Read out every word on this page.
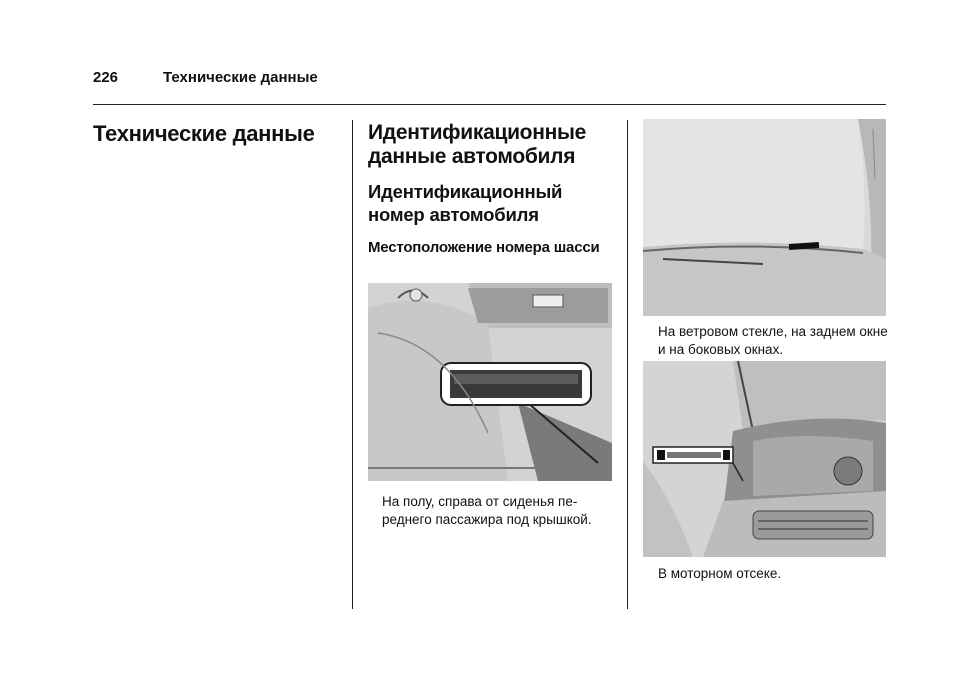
226	Технические данные
Технические данные	Идентификационные данные автомобиля
Идентификационный номер автомобиля
Местоположение номера шасси
На полу, справа от сиденья пе-реднего пассажира под крышкой.
На ветровом стекле, на заднем окне и на боковых окнах.
В моторном отсеке.
